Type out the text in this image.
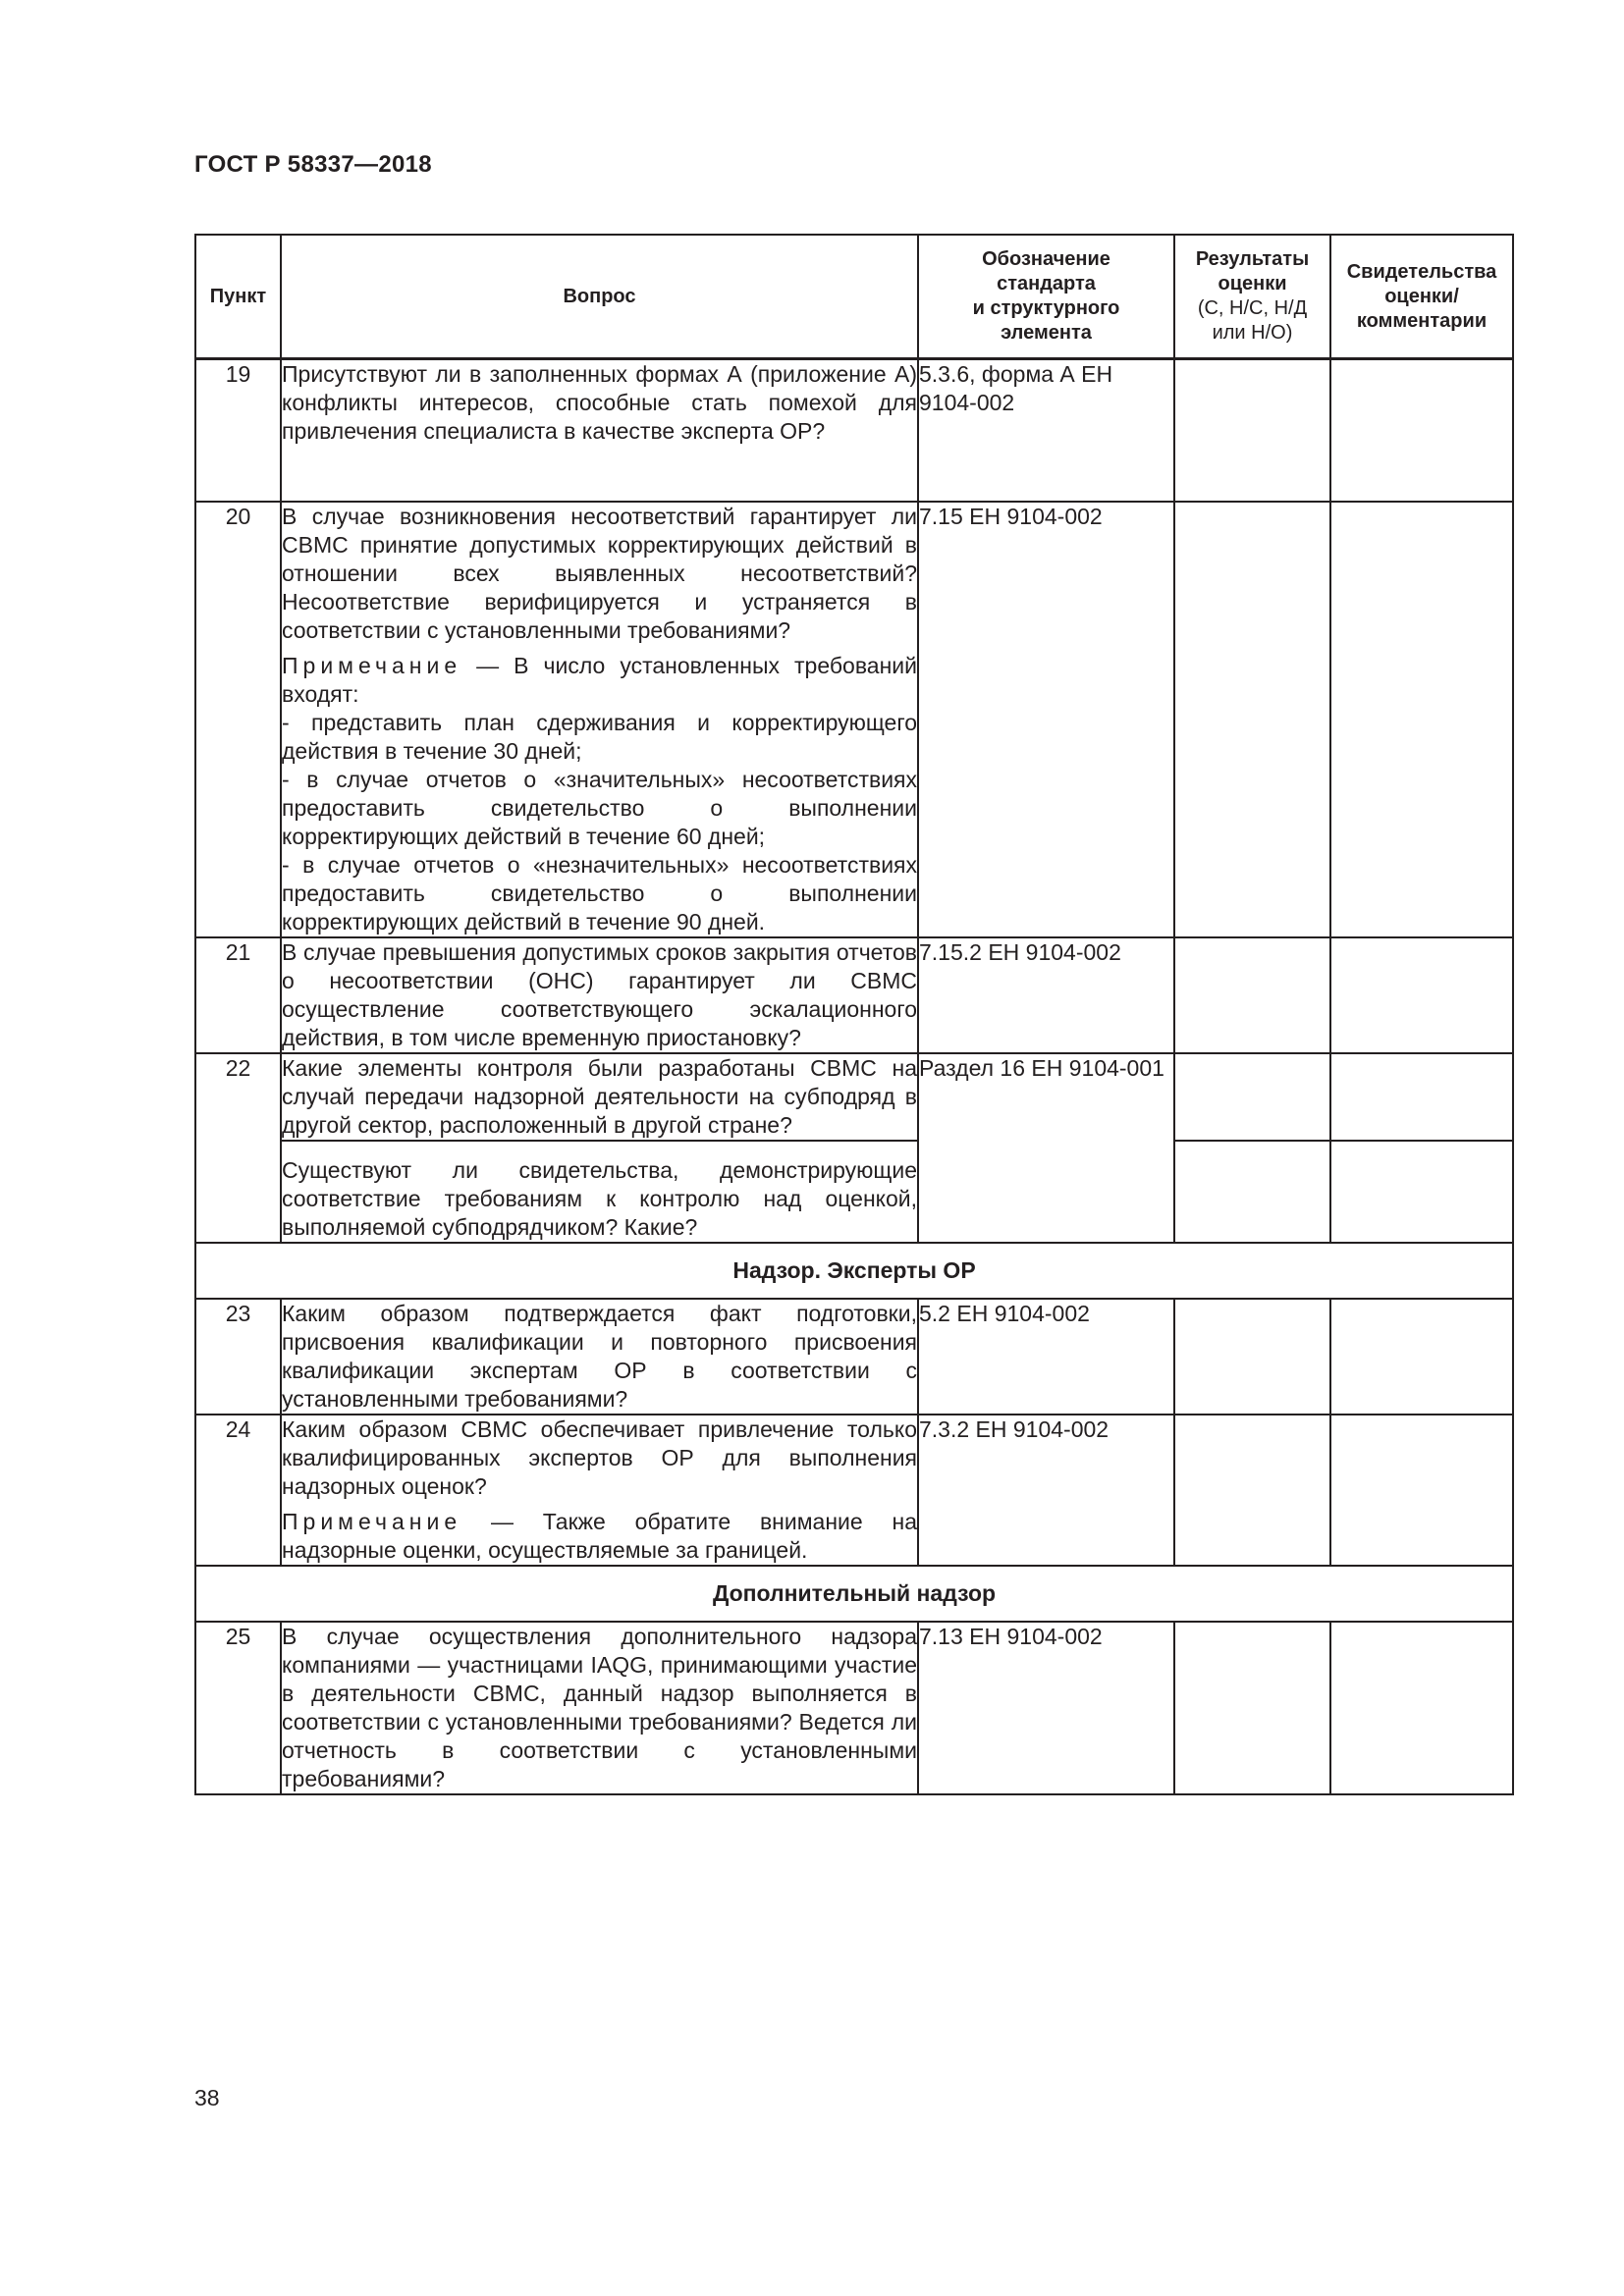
ГОСТ Р 58337—2018
Пункт	Вопрос	Обозначение
стандарта
и структурного
элемента	Результаты
оценки
(С, Н/С, Н/Д
или Н/О)	Свидетельства
оценки/
комментарии

19	Присутствуют ли в заполненных формах А (приложение А) конфликты интересов, способные стать помехой для привлечения специалиста в качестве эксперта ОР?	5.3.6, форма А ЕН 9104-002		
20	В случае возникновения несоответствий гарантирует ли СВМС принятие допустимых корректирующих действий в отношении всех выявленных несоответствий? Несоответствие верифицируется и устраняется в соответствии с установленными требованиями?
Примечание — В число установленных требований входят:
- представить план сдерживания и корректирующего действия в течение 30 дней;
- в случае отчетов о «значительных» несоответствиях предоставить свидетельство о выполнении корректирующих действий в течение 60 дней;
- в случае отчетов о «незначительных» несоответствиях предоставить свидетельство о выполнении корректирующих действий в течение 90 дней.	7.15 ЕН 9104-002		
21	В случае превышения допустимых сроков закрытия отчетов о несоответствии (ОНС) гарантирует ли СВМС осуществление соответствующего эскалационного действия, в том числе временную приостановку?	7.15.2 ЕН 9104-002		
22	Какие элементы контроля были разработаны СВМС на случай передачи надзорной деятельности на субподряд в другой сектор, расположенный в другой стране?	Раздел 16 ЕН 9104-001		
	Существуют ли свидетельства, демонстрирующие соответствие требованиям к контролю над оценкой, выполняемой субподрядчиком? Какие?			
Надзор. Эксперты ОР				
23	Каким образом подтверждается факт подготовки, присвоения квалификации и повторного присвоения квалификации экспертам ОР в соответствии с установленными требованиями?	5.2 ЕН 9104-002		
24	Каким образом СВМС обеспечивает привлечение только квалифицированных экспертов ОР для выполнения надзорных оценок?
Примечание — Также обратите внимание на надзорные оценки, осуществляемые за границей.	7.3.2 ЕН 9104-002		
Дополнительный надзор				
25	В случае осуществления дополнительного надзора компаниями — участницами IAQG, принимающими участие в деятельности СВМС, данный надзор выполняется в соответствии с установленными требованиями? Ведется ли отчетность в соответствии с установленными требованиями?	7.13 ЕН 9104-002		
38
